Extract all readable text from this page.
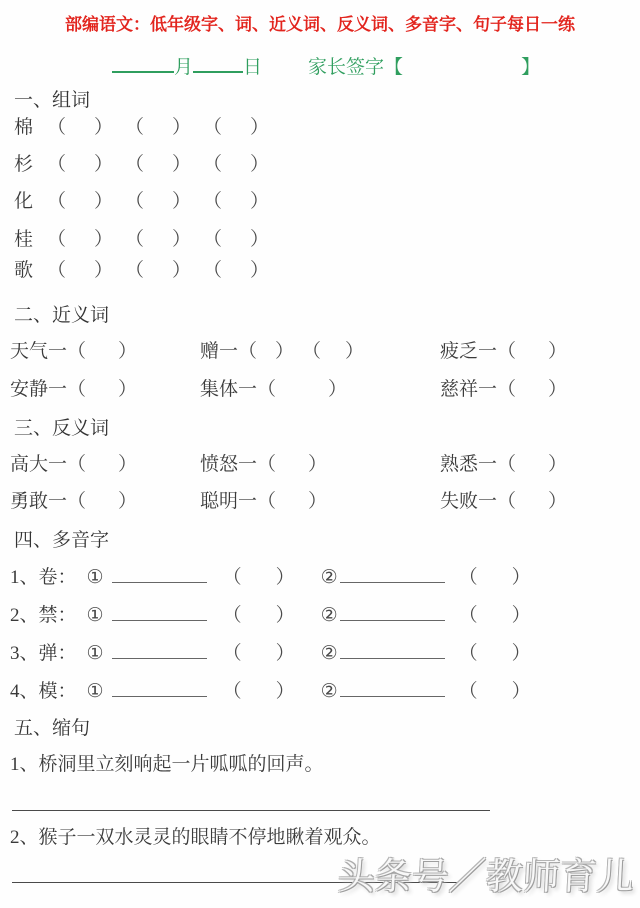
部编语文：低年级字、词、近义词、反义词、多音字、句子每日一练
月	日 家长签字【	】
一、组词
棉 （ ） （ ） （ ）
杉 （ ） （ ） （ ）
化 （ ） （ ） （ ）
桂 （ ） （ ） （ ）
歌 （ ） （ ） （ ）
二、近义词
天气一 （ ）	赠一 （ ） （ ）	疲乏一 （ ）
安静一 （ ）	集体一 （	）	慈祥一 （ ）
三、反义词
高大一 （ ）	愤怒一 （ ）	熟悉一 （ ）
勇敢一 （ ）	聪明一 （ ）	失败一 （ ）
四、多音字
1、卷： ①	（ ） ②	（ ）
2、禁： ①	（ ） ②	（ ）
3、弹： ①	（ ） ②	（ ）
4、模： ①	（ ） ②	（ ）
五、缩句
1、桥洞里立刻响起一片呱呱的回声。
2、猴子一双水灵灵的眼睛不停地瞅着观众。
头条号／教师育儿
